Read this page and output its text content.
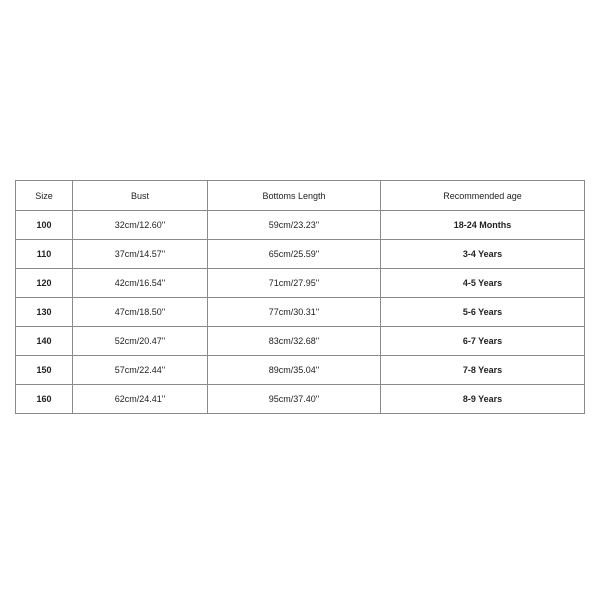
Size	Bust	Bottoms Length	Recommended age
100	32cm/12.60''	59cm/23.23''	18-24 Months
110	37cm/14.57''	65cm/25.59''	3-4 Years
120	42cm/16.54''	71cm/27.95''	4-5 Years
130	47cm/18.50''	77cm/30.31''	5-6 Years
140	52cm/20.47''	83cm/32.68''	6-7 Years
150	57cm/22.44''	89cm/35.04''	7-8 Years
160	62cm/24.41''	95cm/37.40''	8-9 Years
